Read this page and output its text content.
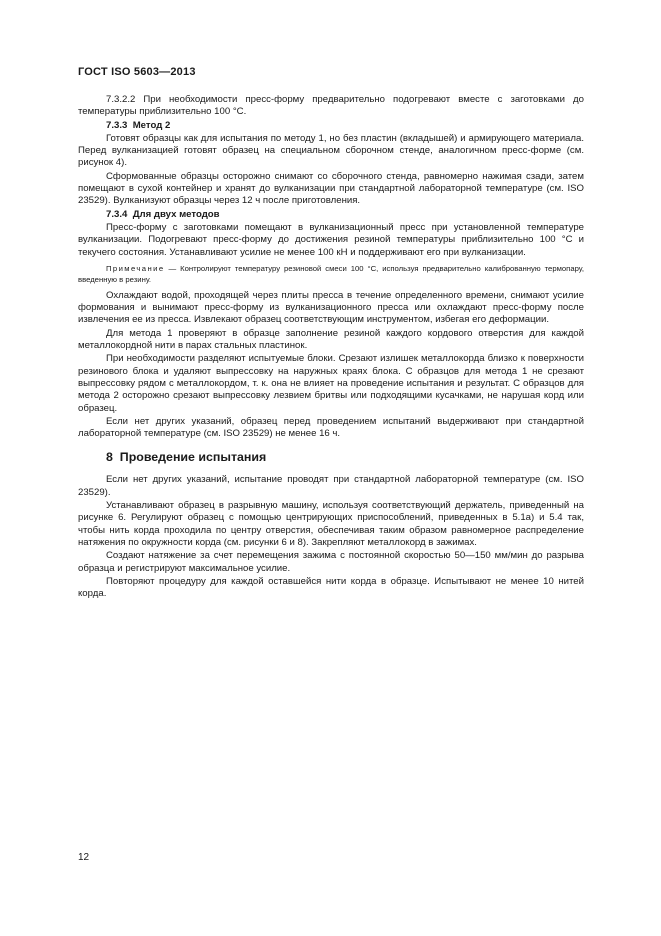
ГОСТ ISO 5603—2013

7.3.2.2 При необходимости пресс-форму предварительно подогревают вместе с заготовками до температуры приблизительно 100 °С.

7.3.3 Метод 2

Готовят образцы как для испытания по методу 1, но без пластин (вкладышей) и армирующего материала. Перед вулканизацией готовят образец на специальном сборочном стенде, аналогичном пресс-форме (см. рисунок 4).

Сформованные образцы осторожно снимают со сборочного стенда, равномерно нажимая сзади, затем помещают в сухой контейнер и хранят до вулканизации при стандартной лабораторной температуре (см. ISO 23529). Вулканизуют образцы через 12 ч после приготовления.

7.3.4 Для двух методов

Пресс-форму с заготовками помещают в вулканизационный пресс при установленной температуре вулканизации. Подогревают пресс-форму до достижения резиной температуры приблизительно 100 °С и текучего состояния. Устанавливают усилие не менее 100 кН и поддерживают его при вулканизации.

Примечание — Контролируют температуру резиновой смеси 100 °С, используя предварительно калиброванную термопару, введенную в резину.

Охлаждают водой, проходящей через плиты пресса в течение определенного времени, снимают усилие формования и вынимают пресс-форму из вулканизационного пресса или охлаждают пресс-форму после извлечения ее из пресса. Извлекают образец соответствующим инструментом, избегая его деформации.

Для метода 1 проверяют в образце заполнение резиной каждого кордового отверстия для каждой металлокордной нити в парах стальных пластинок.

При необходимости разделяют испытуемые блоки. Срезают излишек металлокорда близко к поверхности резинового блока и удаляют выпрессовку на наружных краях блока. С образцов для метода 1 не срезают выпрессовку рядом с металлокордом, т. к. она не влияет на проведение испытания и результат. С образцов для метода 2 осторожно срезают выпрессовку лезвием бритвы или подходящими кусачками, не нарушая корд или образец.

Если нет других указаний, образец перед проведением испытаний выдерживают при стандартной лабораторной температуре (см. ISO 23529) не менее 16 ч.

8 Проведение испытания

Если нет других указаний, испытание проводят при стандартной лабораторной температуре (см. ISO 23529).

Устанавливают образец в разрывную машину, используя соответствующий держатель, приведенный на рисунке 6. Регулируют образец с помощью центрирующих приспособлений, приведенных в 5.1а) и 5.4 так, чтобы нить корда проходила по центру отверстия, обеспечивая таким образом равномерное распределение натяжения по окружности корда (см. рисунки 6 и 8). Закрепляют металлокорд в зажимах.

Создают натяжение за счет перемещения зажима с постоянной скоростью 50—150 мм/мин до разрыва образца и регистрируют максимальное усилие.

Повторяют процедуру для каждой оставшейся нити корда в образце. Испытывают не менее 10 нитей корда.

12
